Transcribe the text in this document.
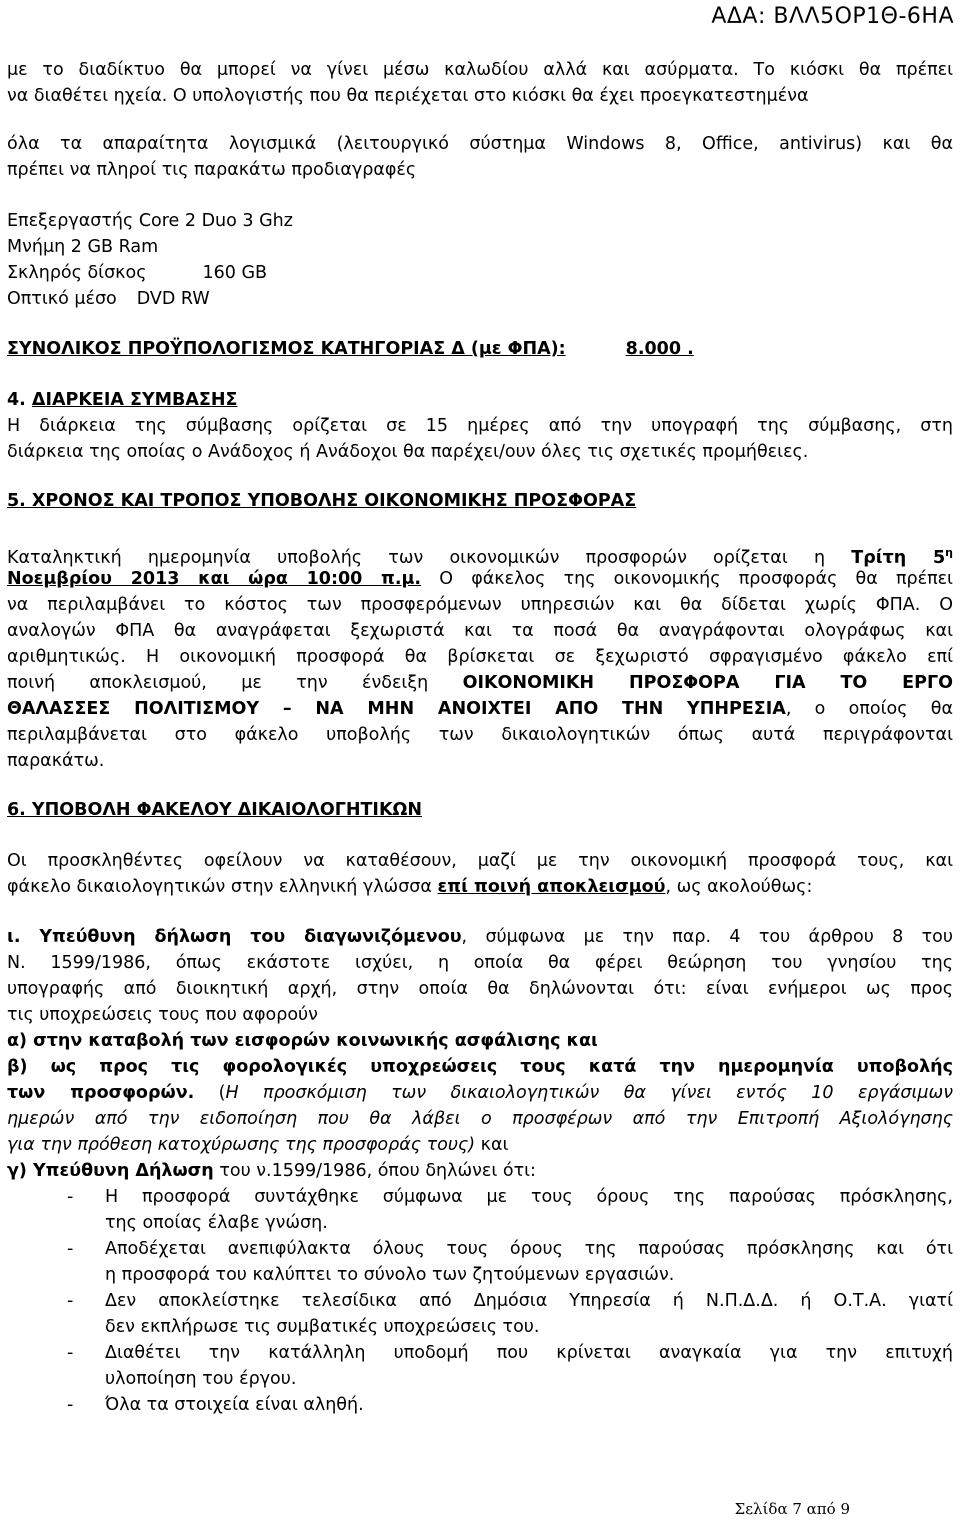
ΑΔΑ: ΒΛΛ5ΟΡ1Θ-6ΗΑ
με το διαδίκτυο θα μπορεί να γίνει μέσω καλωδίου αλλά και ασύρματα. Το κιόσκι θα πρέπει
να διαθέτει ηχεία. Ο υπολογιστής που θα περιέχεται στο κιόσκι θα έχει προεγκατεστημένα
όλα τα απαραίτητα λογισμικά (λειτουργικό σύστημα Windows 8, Office, antivirus) και θα
πρέπει να πληροί τις παρακάτω προδιαγραφές
Επεξεργαστής Core 2 Duo 3 Ghz
Μνήμη 2 GB Ram
Σκληρός δίσκος	160 GB
Οπτικό μέσο DVD RW
ΣΥΝΟΛΙΚΟΣ ΠΡΟΫΠΟΛΟΓΙΣΜΟΣ ΚΑΤΗΓΟΡΙΑΣ Δ (με ΦΠΑ):	8.000 .
4. ΔΙΑΡΚΕΙΑ ΣΥΜΒΑΣΗΣ
Η διάρκεια της σύμβασης ορίζεται σε 15 ημέρες από την υπογραφή της σύμβασης, στη
διάρκεια της οποίας ο Ανάδοχος ή Ανάδοχοι θα παρέχει/ουν όλες τις σχετικές προμήθειες.
5. ΧΡΟΝΟΣ ΚΑΙ ΤΡΟΠΟΣ ΥΠΟΒΟΛΗΣ ΟΙΚΟΝΟΜΙΚΗΣ ΠΡΟΣΦΟΡΑΣ
Καταληκτική ημερομηνία υποβολής των οικονομικών προσφορών ορίζεται η Τρίτη $5^\eta$
Νοεμβρίου 2013 και ώρα 10:00 π.μ. Ο φάκελος της οικονομικής προσφοράς θα πρέπει
να περιλαμβάνει το κόστος των προσφερόμενων υπηρεσιών και θα δίδεται χωρίς ΦΠΑ. Ο
αναλογών ΦΠΑ θα αναγράφεται ξεχωριστά και τα ποσά θα αναγράφονται ολογράφως και
αριθμητικώς. Η οικονομική προσφορά θα βρίσκεται σε ξεχωριστό σφραγισμένο φάκελο επί
ποινή αποκλεισμού, με την ένδειξη ΟΙΚΟΝΟΜΙΚΗ ΠΡΟΣΦΟΡΑ ΓΙΑ ΤΟ ΕΡΓΟ
ΘΑΛΑΣΣΕΣ ΠΟΛΙΤΙΣΜΟΥ – ΝΑ ΜΗΝ ΑΝΟΙΧΤΕΙ ΑΠΟ ΤΗΝ ΥΠΗΡΕΣΙΑ, ο οποίος θα
περιλαμβάνεται στο φάκελο υποβολής των δικαιολογητικών όπως αυτά περιγράφονται
παρακάτω.
6. ΥΠΟΒΟΛΗ ΦΑΚΕΛΟΥ ΔΙΚΑΙΟΛΟΓΗΤΙΚΩΝ
Οι προσκληθέντες οφείλουν να καταθέσουν, μαζί με την οικονομική προσφορά τους, και
φάκελο δικαιολογητικών στην ελληνική γλώσσα επί ποινή αποκλεισμού, ως ακολούθως:
ι. Υπεύθυνη δήλωση του διαγωνιζόμενου, σύμφωνα με την παρ. 4 του άρθρου 8 του
Ν. 1599/1986, όπως εκάστοτε ισχύει, η οποία θα φέρει θεώρηση του γνησίου της
υπογραφής από διοικητική αρχή, στην οποία θα δηλώνονται ότι: είναι ενήμεροι ως προς
τις υποχρεώσεις τους που αφορούν
α) στην καταβολή των εισφορών κοινωνικής ασφάλισης και
β) ως προς τις φορολογικές υποχρεώσεις τους κατά την ημερομηνία υποβολής
των προσφορών. (Η προσκόμιση των δικαιολογητικών θα γίνει εντός 10 εργάσιμων
ημερών από την ειδοποίηση που θα λάβει ο προσφέρων από την Επιτροπή Αξιολόγησης
για την πρόθεση κατοχύρωσης της προσφοράς τους) και
γ) Υπεύθυνη Δήλωση του ν.1599/1986, όπου δηλώνει ότι:
- Η προσφορά συντάχθηκε σύμφωνα με τους όρους της παρούσας πρόσκλησης,
της οποίας έλαβε γνώση.
- Αποδέχεται ανεπιφύλακτα όλους τους όρους της παρούσας πρόσκλησης και ότι
η προσφορά του καλύπτει το σύνολο των ζητούμενων εργασιών.
- Δεν αποκλείστηκε τελεσίδικα από Δημόσια Υπηρεσία ή Ν.Π.Δ.Δ. ή Ο.Τ.Α. γιατί
δεν εκπλήρωσε τις συμβατικές υποχρεώσεις του.
- Διαθέτει την κατάλληλη υποδομή που κρίνεται αναγκαία για την επιτυχή
υλοποίηση του έργου.
- Όλα τα στοιχεία είναι αληθή.
Σελίδα 7 από 9
